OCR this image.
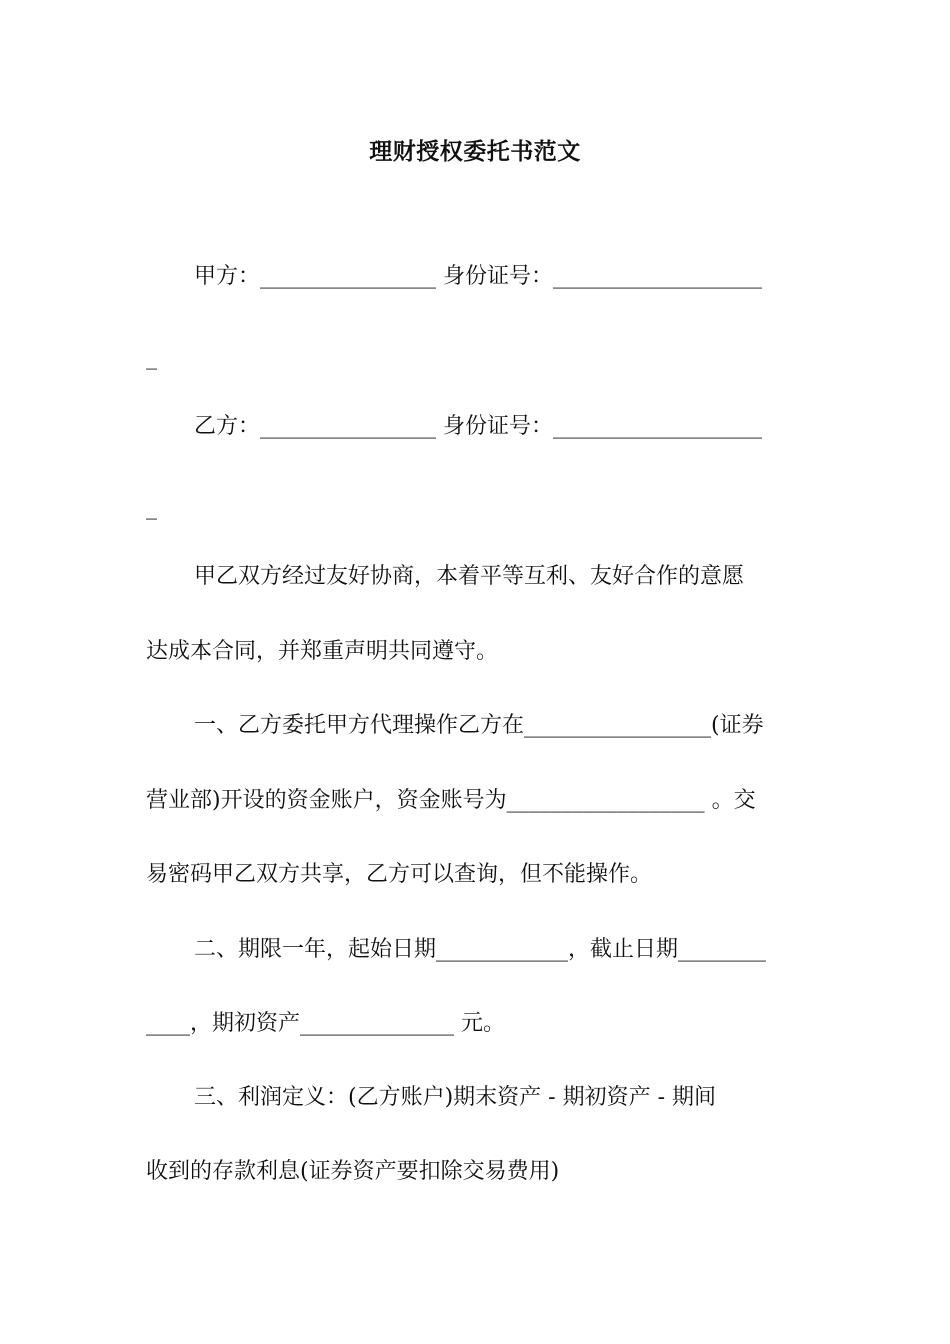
理财授权委托书范文
甲方：________________ 身份证号：___________________
_
乙方：________________ 身份证号：___________________
_
甲乙双方经过友好协商，本着平等互利、友好合作的意愿
达成本合同，并郑重声明共同遵守。
一、乙方委托甲方代理操作乙方在_________________(证券
营业部)开设的资金账户，资金账号为__________________ 。交
易密码甲乙双方共享，乙方可以查询，但不能操作。
二、期限一年，起始日期____________，截止日期________
____，期初资产______________ 元。
三、利润定义：(乙方账户)期末资产 - 期初资产 - 期间
收到的存款利息(证券资产要扣除交易费用)
